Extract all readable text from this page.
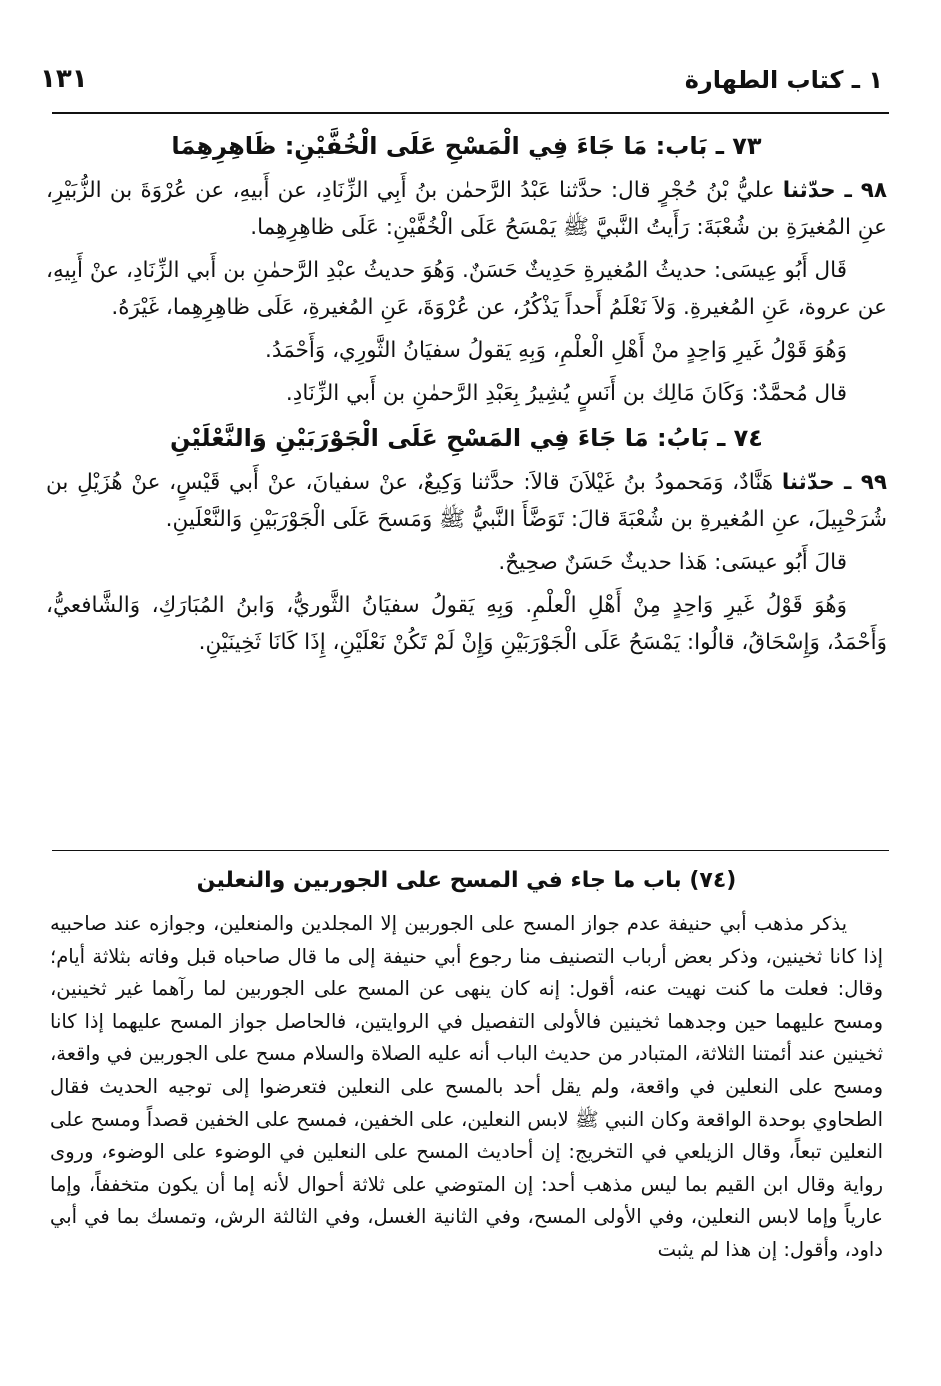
١ ـ كتاب الطهارة
١٣١
٧٣ ـ بَاب: مَا جَاءَ فِي الْمَسْحِ عَلَى الْخُفَّيْنِ: ظَاهِرِهِمَا

٩٨ ـ حدّثنا عليُّ بْنُ حُجْرٍ قال: حدَّثنا عَبْدُ الرَّحمٰن بنُ أَبِي الزِّنَادِ، عن أَبيهِ، عن عُرْوَةَ بن الزُّبَيْرِ، عنِ المُغيرَةِ بن شُعْبَةَ: رَأَيتُ النَّبيَّ ﷺ يَمْسَحُ عَلَى الْخُفَّيْنِ: عَلَى ظاهِرِهِما.

قَال أَبُو عِيسَى: حديثُ المُغيرةِ حَدِيثٌ حَسَنٌ. وَهُوَ حديثُ عبْدِ الرَّحمٰنِ بن أَبي الزِّنَادِ، عنْ أَبِيهِ، عن عروة، عَنِ المُغيرةِ. وَلاَ نَعْلَمُ أَحداً يَذْكُرُ، عن عُرْوَةَ، عَنِ المُغيرةِ، عَلَى ظاهِرِهِما، غَيْرَهُ.

وَهُوَ قَوْلُ غَيرِ وَاحِدٍ منْ أَهْلِ الْعلْمِ، وَبِهِ يَقولُ سفيَانُ الثَّورِي، وَأَحْمَدُ.

قال مُحمَّدٌ: وَكَانَ مَالِك بن أَنَسٍ يُشِيرُ بِعَبْدِ الرَّحمٰنِ بن أَبي الزِّنَادِ.

٧٤ ـ بَابُ: مَا جَاءَ فِي المَسْحِ عَلَى الْجَوْرَبَيْنِ وَالنَّعْلَيْنِ

٩٩ ـ حدّثنا هَنَّادٌ، وَمَحمودُ بنُ غَيْلاَنَ قالاَ: حدَّثنا وَكِيعٌ، عنْ سفيانَ، عنْ أَبي قَيْسٍ، عنْ هُزَيْلِ بن شُرَحْبِيلَ، عنِ المُغيرةِ بن شُعْبَةَ قالَ: تَوَضَّأَ النَّبيُّ ﷺ وَمَسحَ عَلَى الْجَوْرَبَيْنِ وَالنَّعْلَينِ.

قالَ أَبُو عيسَى: هَذا حديثٌ حَسَنٌ صحِيحٌ.

وَهُوَ قَوْلُ غَيرِ وَاحِدٍ مِنْ أَهْلِ الْعلْمِ. وَبِهِ يَقولُ سفيَانُ الثَّوريُّ، وَابنُ المُبَارَكِ، وَالشَّافعيُّ، وَأَحْمَدُ، وَإِسْحَاقُ، قالُوا: يَمْسَحُ عَلَى الْجَوْرَبَيْنِ وَإِنْ لَمْ تَكُنْ نَعْلَيْنِ، إِذَا كَانَا ثَخِينَيْنِ.

(٧٤) باب ما جاء في المسح على الجوربين والنعلين

يذكر مذهب أبي حنيفة عدم جواز المسح على الجوربين إلا المجلدين والمنعلين، وجوازه عند صاحبيه إذا كانا ثخينين، وذكر بعض أرباب التصنيف منا رجوع أبي حنيفة إلى ما قال صاحباه قبل وفاته بثلاثة أيام؛ وقال: فعلت ما كنت نهيت عنه، أقول: إنه كان ينهى عن المسح على الجوربين لما رآهما غير ثخينين، ومسح عليهما حين وجدهما ثخينين فالأولى التفصيل في الروايتين، فالحاصل جواز المسح عليهما إذا كانا ثخينين عند أئمتنا الثلاثة، المتبادر من حديث الباب أنه عليه الصلاة والسلام مسح على الجوربين في واقعة، ومسح على النعلين في واقعة، ولم يقل أحد بالمسح على النعلين فتعرضوا إلى توجيه الحديث فقال الطحاوي بوحدة الواقعة وكان النبي ﷺ لابس النعلين، على الخفين، فمسح على الخفين قصداً ومسح على النعلين تبعاً، وقال الزيلعي في التخريج: إن أحاديث المسح على النعلين في الوضوء على الوضوء، وروى رواية وقال ابن القيم بما ليس مذهب أحد: إن المتوضي على ثلاثة أحوال لأنه إما أن يكون متخففاً، وإما عارياً وإما لابس النعلين، وفي الأولى المسح، وفي الثانية الغسل، وفي الثالثة الرش، وتمسك بما في أبي داود، وأقول: إن هذا لم يثبت
